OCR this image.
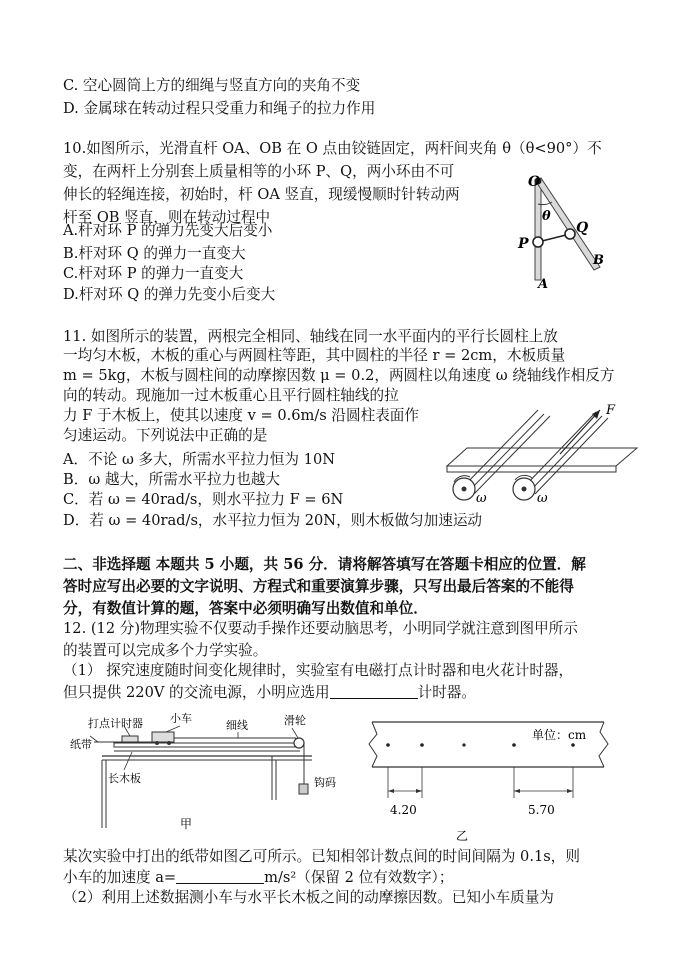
C. 空心圆筒上方的细绳与竖直方向的夹角不变
D. 金属球在转动过程只受重力和绳子的拉力作用
10.如图所示，光滑直杆 OA、OB 在 O 点由铰链固定，两杆间夹角 θ（θ<90°）不
变，在两杆上分别套上质量相等的小环 P、Q，两小环由不可
伸长的轻绳连接，初始时，杆 OA 竖直，现缓慢顺时针转动两
杆至 OB 竖直，则在转动过程中
A.杆对环 P 的弹力先变大后变小
B.杆对环 Q 的弹力一直变大
C.杆对环 P 的弹力一直变大
D.杆对环 Q 的弹力先变小后变大
O
θ
P
Q
A
B
11. 如图所示的装置，两根完全相同、轴线在同一水平面内的平行长圆柱上放
一均匀木板，木板的重心与两圆柱等距，其中圆柱的半径 r = 2cm，木板质量
m = 5kg，木板与圆柱间的动摩擦因数 μ = 0.2，两圆柱以角速度 ω 绕轴线作相反方
向的转动。现施加一过木板重心且平行圆柱轴线的拉
力 F 于木板上，使其以速度 v = 0.6m/s 沿圆柱表面作
匀速运动。下列说法中正确的是
A．不论 ω 多大，所需水平拉力恒为 10N
B．ω 越大，所需水平拉力也越大
C．若 ω = 40rad/s，则水平拉力 F = 6N
D．若 ω = 40rad/s，水平拉力恒为 20N，则木板做匀加速运动
F
ω	ω
二、非选择题 本题共 5 小题，共 56 分．请将解答填写在答题卡相应的位置．解
答时应写出必要的文字说明、方程式和重要演算步骤，只写出最后答案的不能得
分，有数值计算的题，答案中必须明确写出数值和单位．
12. (12 分)物理实验不仅要动手操作还要动脑思考，小明同学就注意到图甲所示
的装置可以完成多个力学实验。
（1） 探究速度随时间变化规律时，实验室有电磁打点计时器和电火花计时器，
但只提供 220V 的交流电源，小明应选用	计时器。
打点计时器 小车
纸带
细线	滑轮
长木板	钩码
甲
单位：cm
4.20	5.70
乙
某次实验中打出的纸带如图乙可所示。已知相邻计数点间的时间间隔为 0.1s，则
小车的加速度 a=	m/s²（保留 2 位有效数字）；
（2）利用上述数据测小车与水平长木板之间的动摩擦因数。已知小车质量为
